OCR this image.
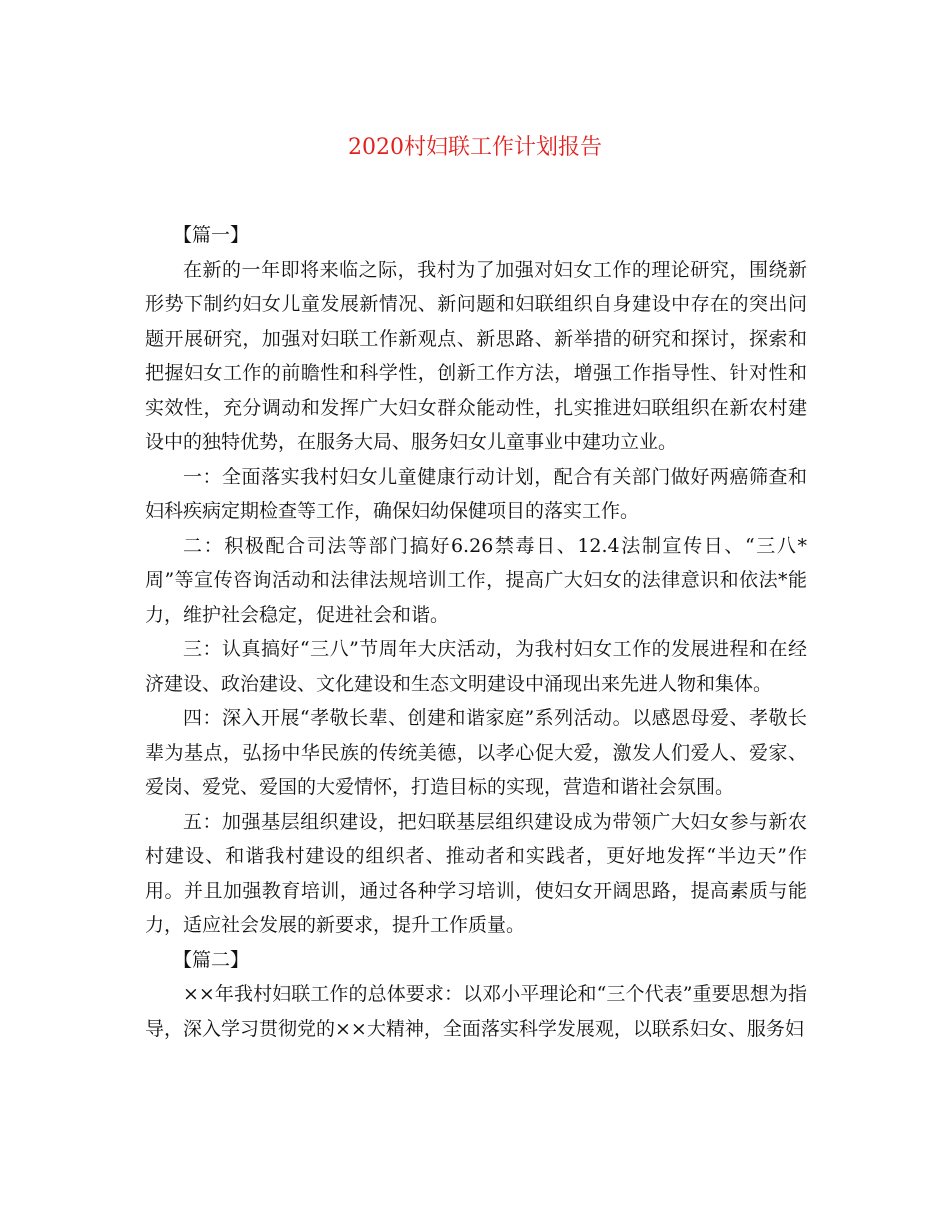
2020村妇联工作计划报告
【篇一】

在新的一年即将来临之际，我村为了加强对妇女工作的理论研究，围绕新形势下制约妇女儿童发展新情况、新问题和妇联组织自身建设中存在的突出问题开展研究，加强对妇联工作新观点、新思路、新举措的研究和探讨，探索和把握妇女工作的前瞻性和科学性，创新工作方法，增强工作指导性、针对性和实效性，充分调动和发挥广大妇女群众能动性，扎实推进妇联组织在新农村建设中的独特优势，在服务大局、服务妇女儿童事业中建功立业。

一：全面落实我村妇女儿童健康行动计划，配合有关部门做好两癌筛查和妇科疾病定期检查等工作，确保妇幼保健项目的落实工作。

二：积极配合司法等部门搞好6.26禁毒日、12.4法制宣传日、“三八*周”等宣传咨询活动和法律法规培训工作，提高广大妇女的法律意识和依法*能力，维护社会稳定，促进社会和谐。

三：认真搞好“三八”节周年大庆活动，为我村妇女工作的发展进程和在经济建设、政治建设、文化建设和生态文明建设中涌现出来先进人物和集体。

四：深入开展“孝敬长辈、创建和谐家庭”系列活动。以感恩母爱、孝敬长辈为基点，弘扬中华民族的传统美德，以孝心促大爱，激发人们爱人、爱家、爱岗、爱党、爱国的大爱情怀，打造目标的实现，营造和谐社会氛围。

五：加强基层组织建设，把妇联基层组织建设成为带领广大妇女参与新农村建设、和谐我村建设的组织者、推动者和实践者，更好地发挥“半边天”作用。并且加强教育培训，通过各种学习培训，使妇女开阔思路，提高素质与能力，适应社会发展的新要求，提升工作质量。

【篇二】

××年我村妇联工作的总体要求：以邓小平理论和“三个代表”重要思想为指导，深入学习贯彻党的××大精神，全面落实科学发展观，以联系妇女、服务妇
